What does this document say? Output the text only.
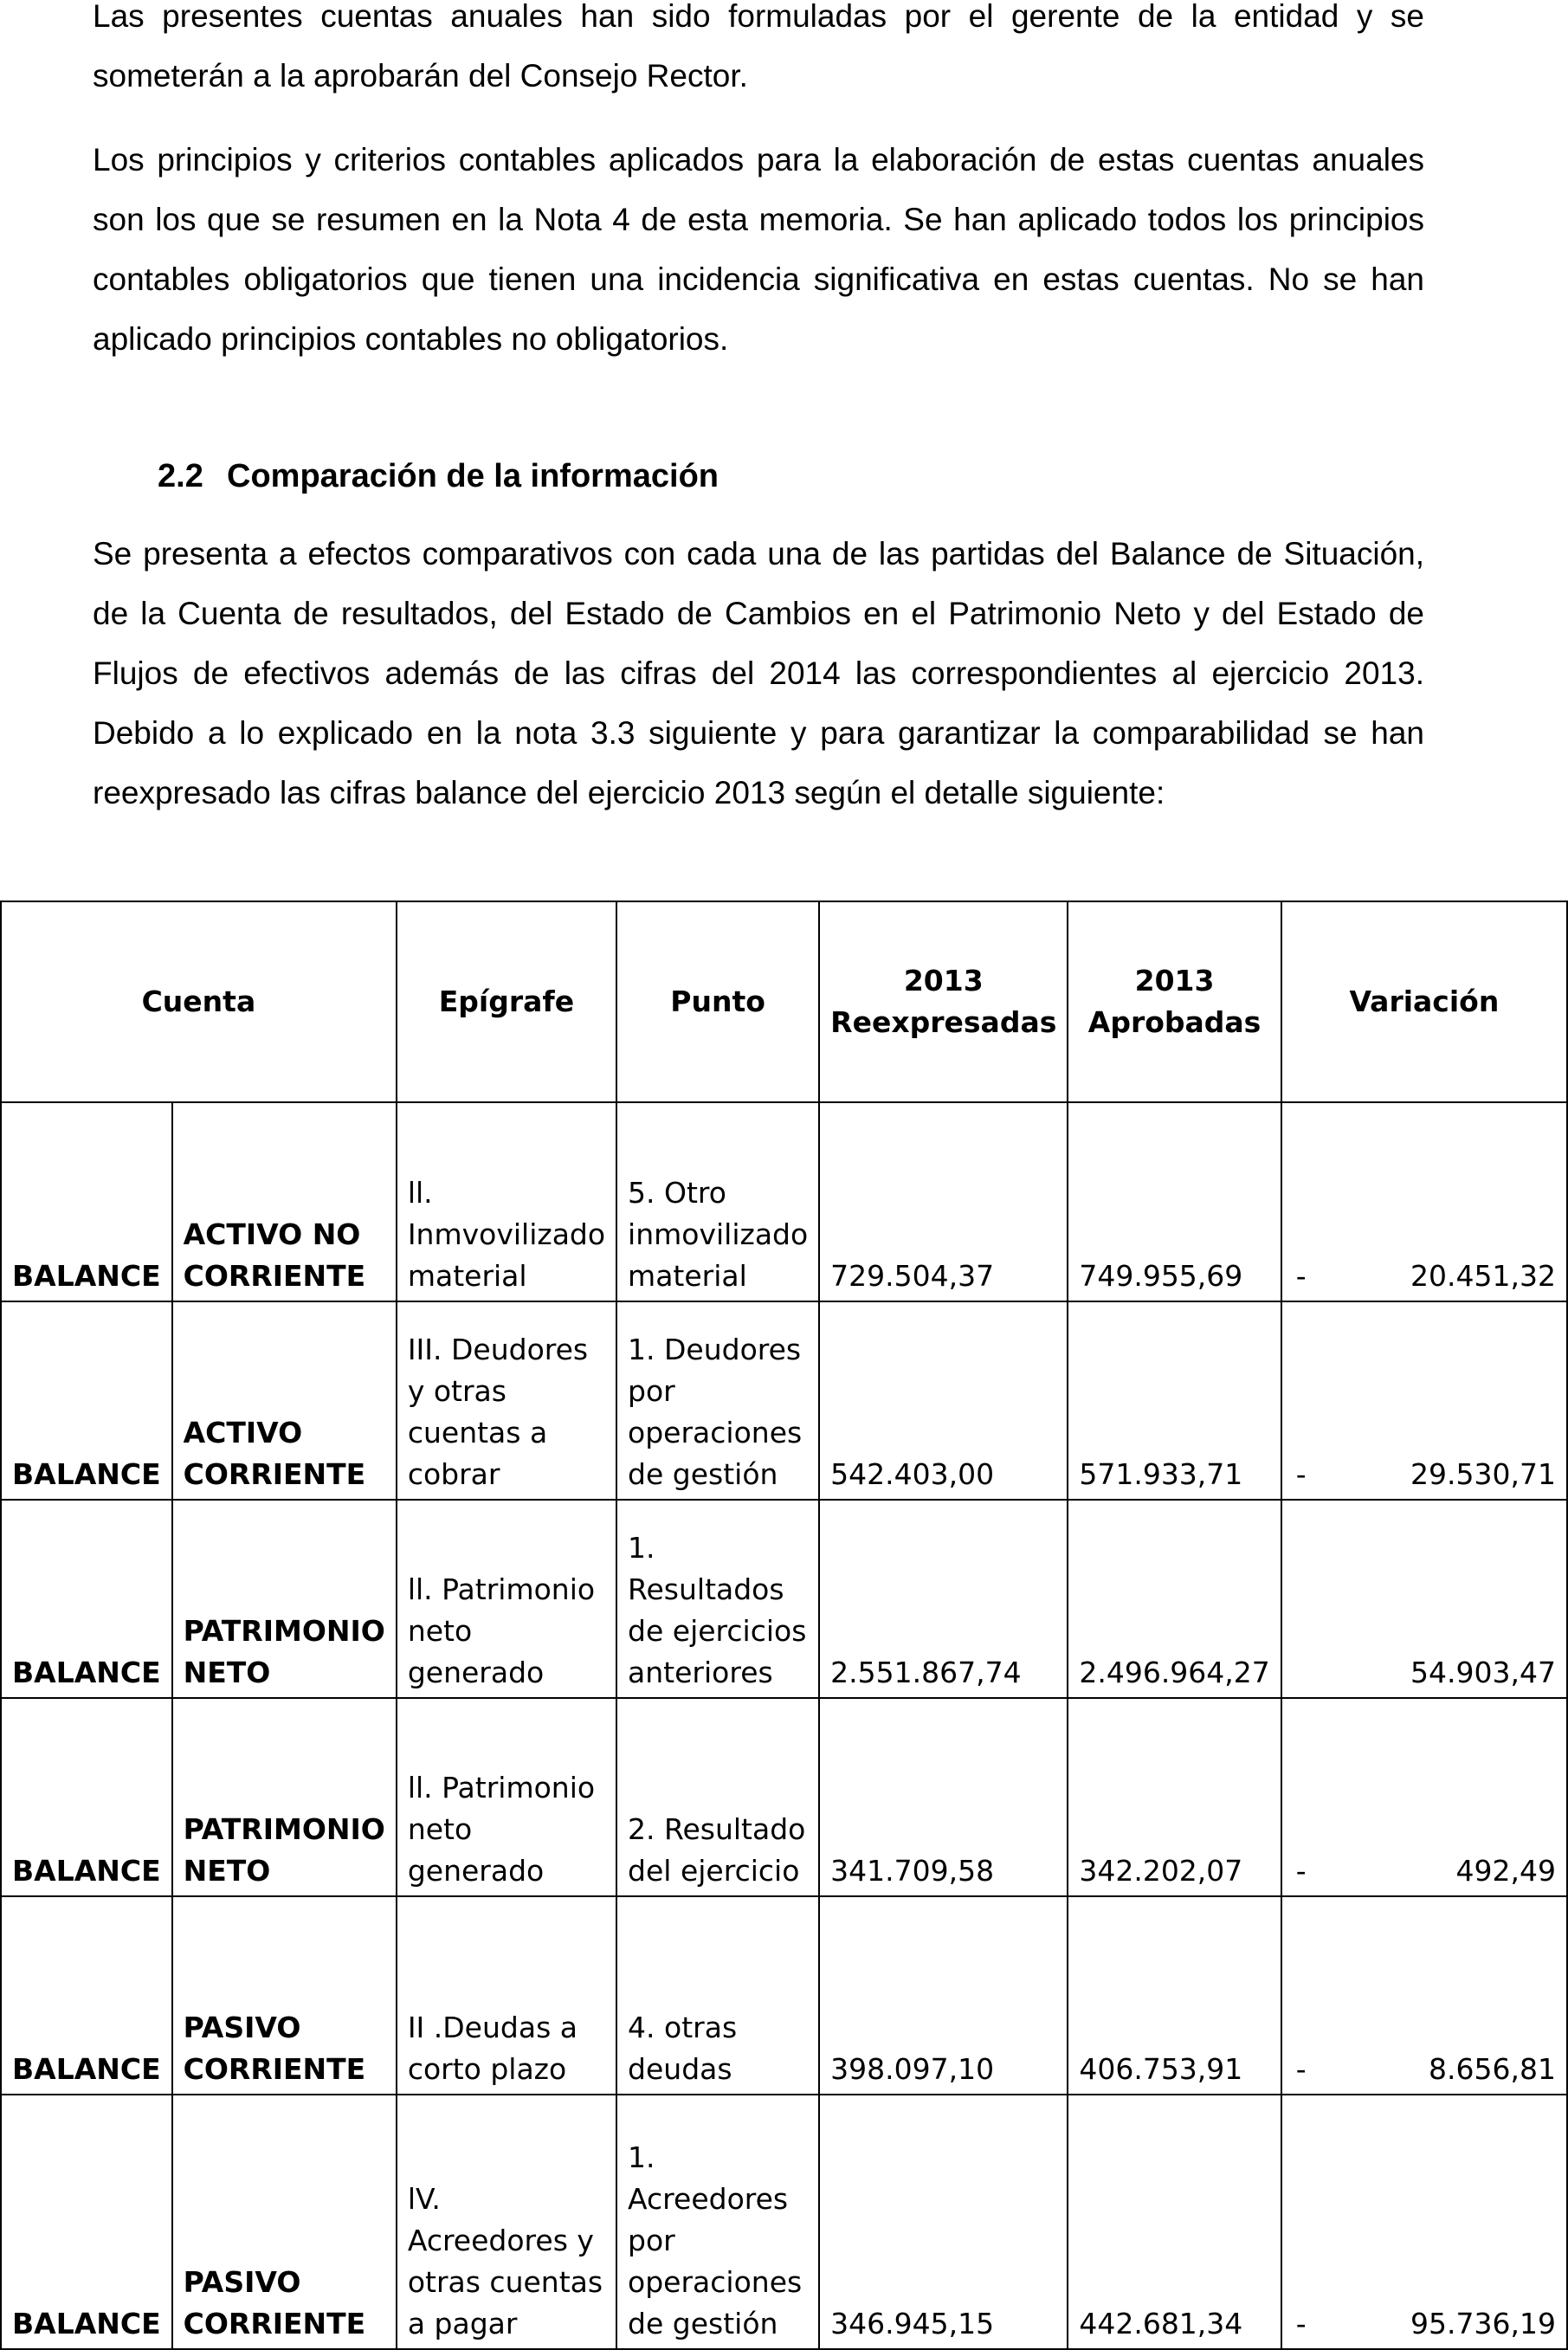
Las presentes cuentas anuales han sido formuladas por el gerente de la entidad y se someterán a la aprobarán del Consejo Rector.

Los principios y criterios contables aplicados para la elaboración de estas cuentas anuales son los que se resumen en la Nota 4 de esta memoria. Se han aplicado todos los principios contables obligatorios que tienen una incidencia significativa en estas cuentas. No se han aplicado principios contables no obligatorios.

2.2 Comparación de la información

Se presenta a efectos comparativos con cada una de las partidas del Balance de Situación, de la Cuenta de resultados, del Estado de Cambios en el Patrimonio Neto y del Estado de Flujos de efectivos además de las cifras del 2014 las correspondientes al ejercicio 2013. Debido a lo explicado en la nota 3.3 siguiente y para garantizar la comparabilidad se han reexpresado las cifras balance del ejercicio 2013 según el detalle siguiente:

Cuenta		Epígrafe	Punto	2013 Reexpresadas	2013 Aprobadas	Variación
BALANCE	ACTIVO NO CORRIENTE	ll. Inmvovilizado material	5. Otro inmovilizado material	729.504,37	749.955,69	- 20.451,32
BALANCE	ACTIVO CORRIENTE	III. Deudores y otras cuentas a cobrar	1. Deudores por operaciones de gestión	542.403,00	571.933,71	- 29.530,71
BALANCE	PATRIMONIO NETO	ll. Patrimonio neto generado	1. Resultados de ejercicios anteriores	2.551.867,74	2.496.964,27	54.903,47
BALANCE	PATRIMONIO NETO	ll. Patrimonio neto generado	2. Resultado del ejercicio	341.709,58	342.202,07	- 492,49
BALANCE	PASIVO CORRIENTE	II .Deudas a corto plazo	4. otras deudas	398.097,10	406.753,91	- 8.656,81
BALANCE	PASIVO CORRIENTE	lV. Acreedores y otras cuentas a pagar	1. Acreedores por operaciones de gestión	346.945,15	442.681,34	- 95.736,19
